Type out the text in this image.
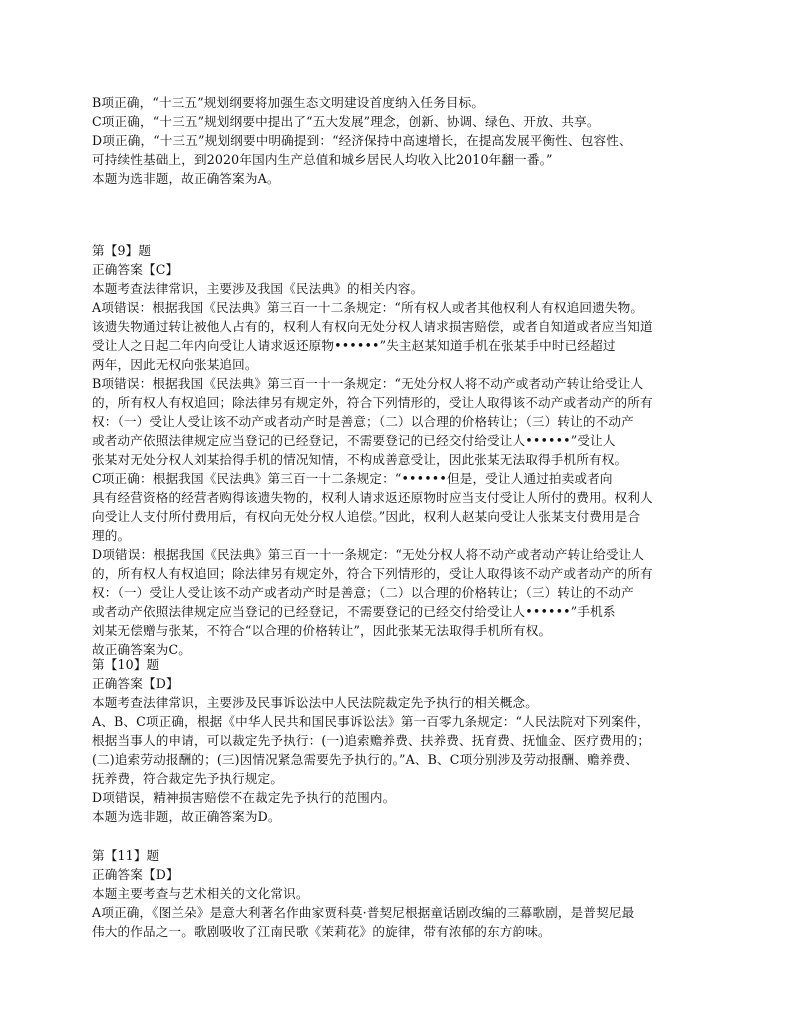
B项正确，“十三五”规划纲要将加强生态文明建设首度纳入任务目标。
C项正确，“十三五”规划纲要中提出了“五大发展”理念，创新、协调、绿色、开放、共享。
D项正确，“十三五”规划纲要中明确提到：“经济保持中高速增长，在提高发展平衡性、包容性、
可持续性基础上，到2020年国内生产总值和城乡居民人均收入比2010年翻一番。”
本题为选非题，故正确答案为A。
第【9】题
正确答案【C】
本题考查法律常识，主要涉及我国《民法典》的相关内容。
A项错误：根据我国《民法典》第三百一十二条规定：“所有权人或者其他权利人有权追回遗失物。
该遗失物通过转让被他人占有的，权利人有权向无处分权人请求损害赔偿，或者自知道或者应当知道
受让人之日起二年内向受让人请求返还原物••••••”失主赵某知道手机在张某手中时已经超过
两年，因此无权向张某追回。
B项错误：根据我国《民法典》第三百一十一条规定：“无处分权人将不动产或者动产转让给受让人
的，所有权人有权追回；除法律另有规定外，符合下列情形的，受让人取得该不动产或者动产的所有
权：（一）受让人受让该不动产或者动产时是善意；（二）以合理的价格转让；（三）转让的不动产
或者动产依照法律规定应当登记的已经登记，不需要登记的已经交付给受让人••••••”受让人
张某对无处分权人刘某拾得手机的情况知情，不构成善意受让，因此张某无法取得手机所有权。
C项正确：根据我国《民法典》第三百一十二条规定：“••••••但是，受让人通过拍卖或者向
具有经营资格的经营者购得该遗失物的，权利人请求返还原物时应当支付受让人所付的费用。权利人
向受让人支付所付费用后，有权向无处分权人追偿。”因此，权利人赵某向受让人张某支付费用是合
理的。
D项错误：根据我国《民法典》第三百一十一条规定：“无处分权人将不动产或者动产转让给受让人
的，所有权人有权追回；除法律另有规定外，符合下列情形的，受让人取得该不动产或者动产的所有
权：（一）受让人受让该不动产或者动产时是善意；（二）以合理的价格转让；（三）转让的不动产
或者动产依照法律规定应当登记的已经登记，不需要登记的已经交付给受让人••••••”手机系
刘某无偿赠与张某，不符合“以合理的价格转让”，因此张某无法取得手机所有权。
故正确答案为C。
第【10】题
正确答案【D】
本题考查法律常识，主要涉及民事诉讼法中人民法院裁定先予执行的相关概念。
A、B、C项正确，根据《中华人民共和国民事诉讼法》第一百零九条规定：“人民法院对下列案件，
根据当事人的申请，可以裁定先予执行：(一)追索赡养费、扶养费、抚育费、抚恤金、医疗费用的；
(二)追索劳动报酬的；(三)因情况紧急需要先予执行的。”A、B、C项分别涉及劳动报酬、赡养费、
抚养费，符合裁定先予执行规定。
D项错误，精神损害赔偿不在裁定先予执行的范围内。
本题为选非题，故正确答案为D。
第【11】题
正确答案【D】
本题主要考查与艺术相关的文化常识。
A项正确，《图兰朵》是意大利著名作曲家贾科莫·普契尼根据童话剧改编的三幕歌剧，是普契尼最
伟大的作品之一。歌剧吸收了江南民歌《茉莉花》的旋律，带有浓郁的东方韵味。
